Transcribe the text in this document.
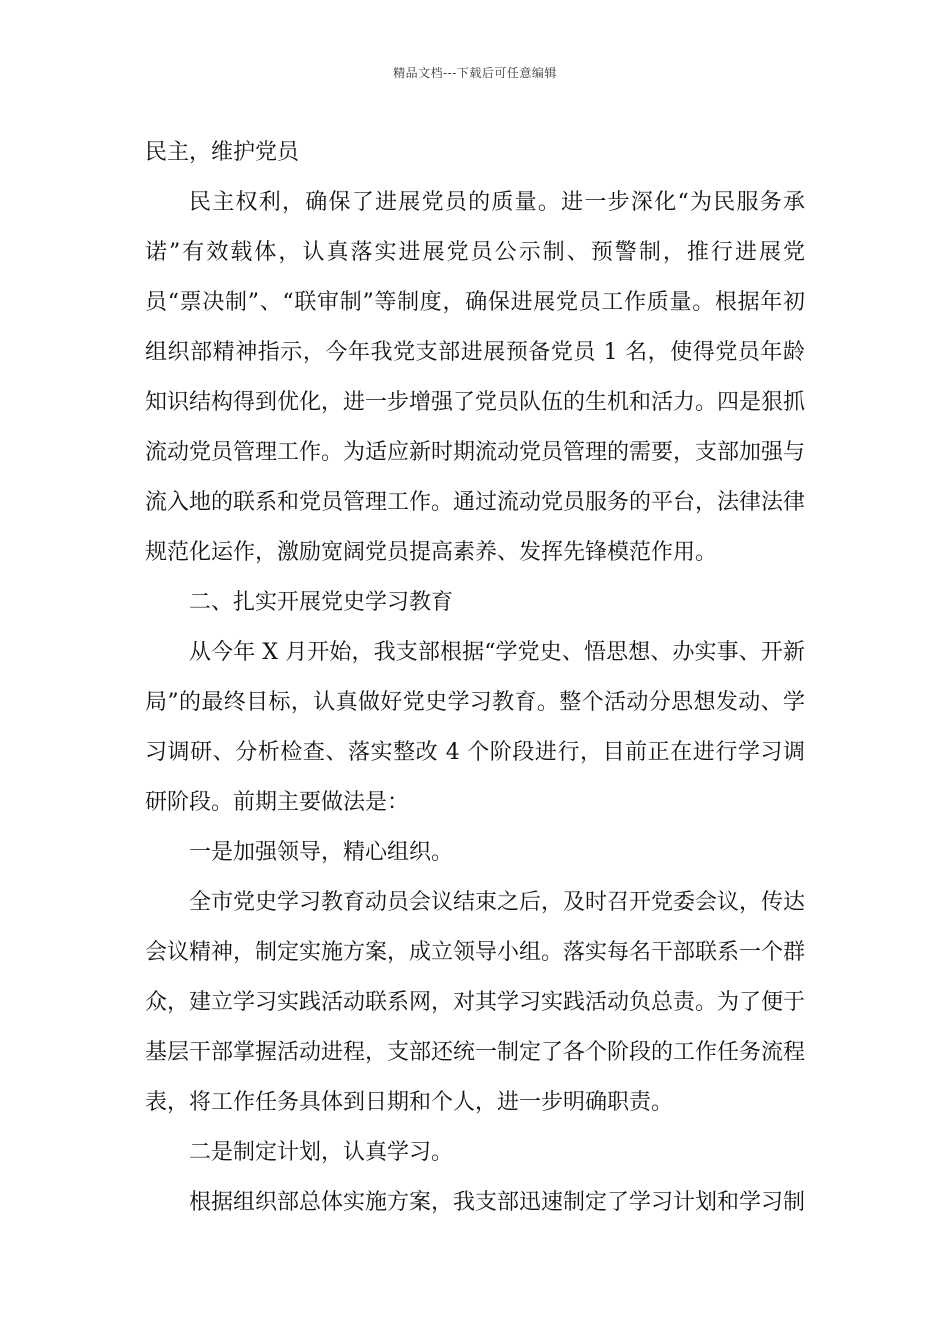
精品文档---下载后可任意编辑

民主，维护党员

民主权利，确保了进展党员的质量。进一步深化“为民服务承诺”有效载体，认真落实进展党员公示制、预警制，推行进展党员“票决制”、“联审制”等制度，确保进展党员工作质量。根据年初组织部精神指示，今年我党支部进展预备党员 1 名，使得党员年龄知识结构得到优化，进一步增强了党员队伍的生机和活力。四是狠抓流动党员管理工作。为适应新时期流动党员管理的需要，支部加强与流入地的联系和党员管理工作。通过流动党员服务的平台，法律法律规范化运作，激励宽阔党员提高素养、发挥先锋模范作用。

二、扎实开展党史学习教育

从今年 X 月开始，我支部根据“学党史、悟思想、办实事、开新局”的最终目标，认真做好党史学习教育。整个活动分思想发动、学习调研、分析检查、落实整改 4 个阶段进行，目前正在进行学习调研阶段。前期主要做法是：

一是加强领导，精心组织。

全市党史学习教育动员会议结束之后，及时召开党委会议，传达会议精神，制定实施方案，成立领导小组。落实每名干部联系一个群众，建立学习实践活动联系网，对其学习实践活动负总责。为了便于基层干部掌握活动进程，支部还统一制定了各个阶段的工作任务流程表，将工作任务具体到日期和个人，进一步明确职责。

二是制定计划，认真学习。

根据组织部总体实施方案，我支部迅速制定了学习计划和学习制
